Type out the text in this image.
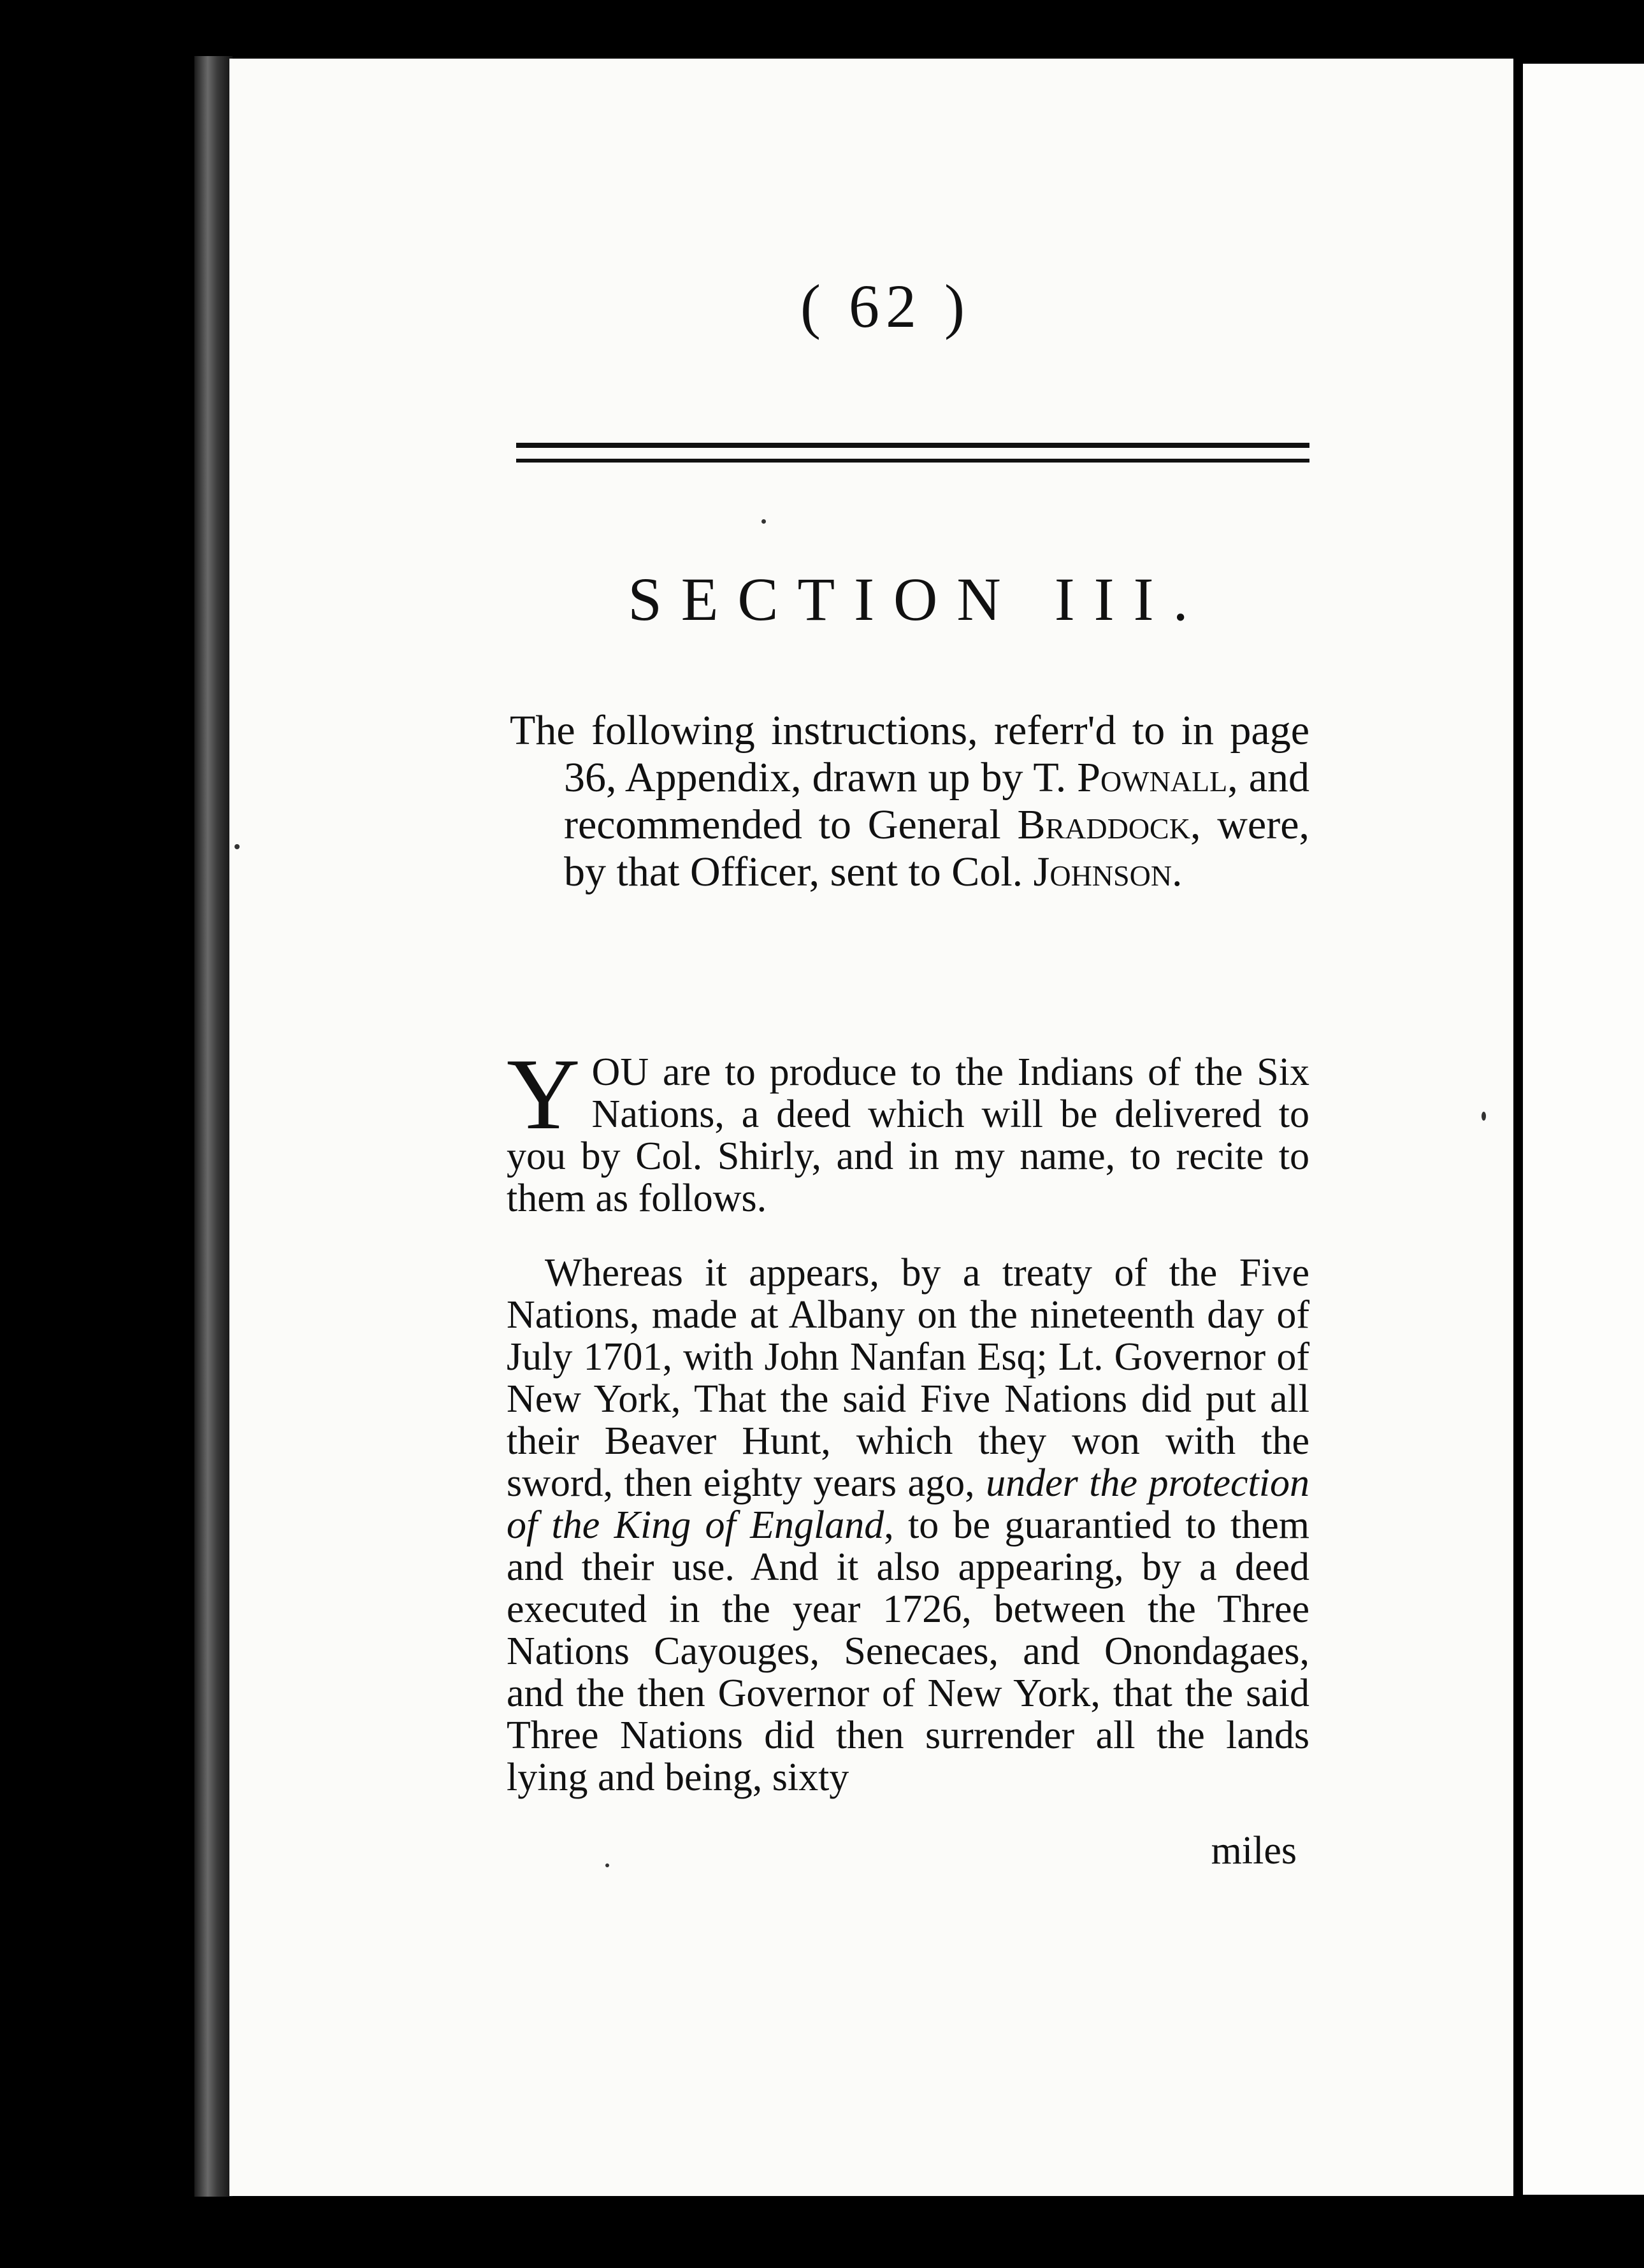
( 62 )
SECTION III.

The following instructions, referr'd to in page 36, Appendix, drawn up by T. Pownall, and recommended to General Braddock, were, by that Officer, sent to Col. Johnson.

YOU are to produce to the Indians of the Six Nations, a deed which will be delivered to you by Col. Shirly, and in my name, to recite to them as follows.

Whereas it appears, by a treaty of the Five Nations, made at Albany on the nineteenth day of July 1701, with John Nanfan Esq; Lt. Governor of New York, That the said Five Nations did put all their Beaver Hunt, which they won with the sword, then eighty years ago, under the protection of the King of England, to be guarantied to them and their use. And it also appearing, by a deed executed in the year 1726, between the Three Nations Cayouges, Senecaes, and Onondagaes, and the then Governor of New York, that the said Three Nations did then surrender all the lands lying and being, sixty

miles
